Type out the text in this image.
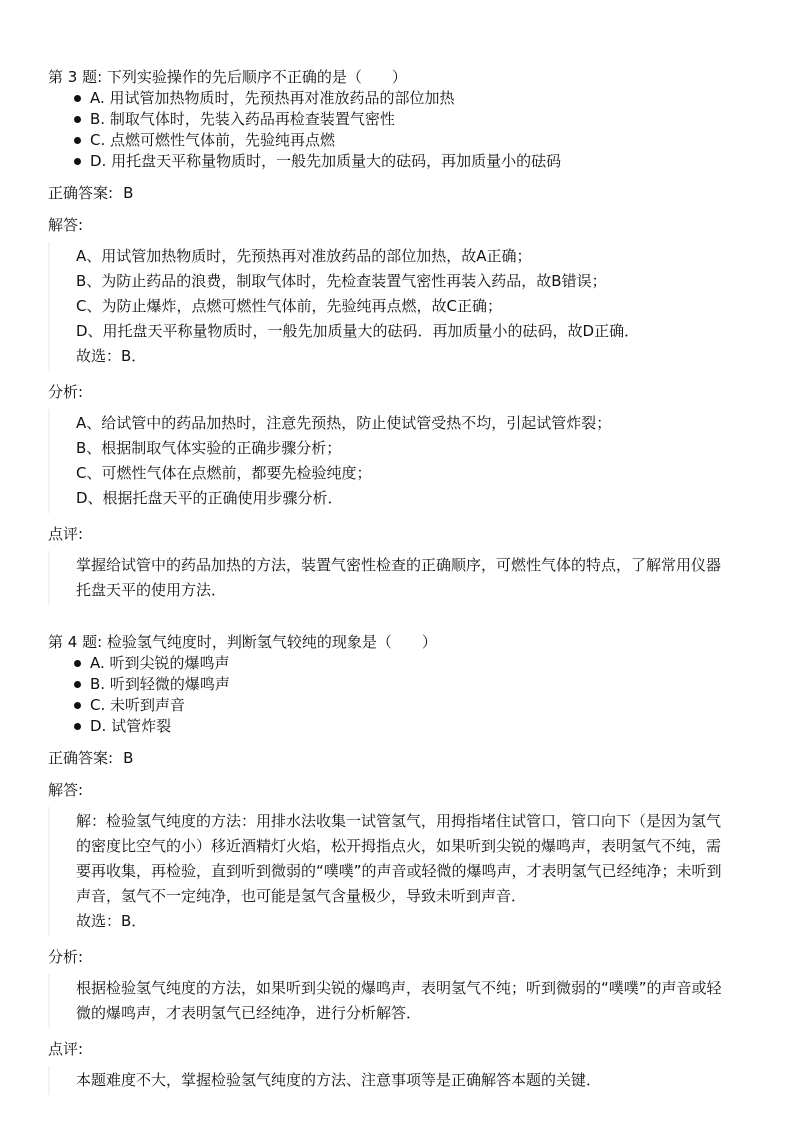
第 3 题: 下列实验操作的先后顺序不正确的是（　　）
A. 用试管加热物质时，先预热再对准放药品的部位加热
B. 制取气体时，先装入药品再检查装置气密性
C. 点燃可燃性气体前，先验纯再点燃
D. 用托盘天平称量物质时，一般先加质量大的砝码，再加质量小的砝码
正确答案: B
解答:
A、用试管加热物质时，先预热再对准放药品的部位加热，故A正确；
B、为防止药品的浪费，制取气体时，先检查装置气密性再装入药品，故B错误；
C、为防止爆炸，点燃可燃性气体前，先验纯再点燃，故C正确；
D、用托盘天平称量物质时，一般先加质量大的砝码．再加质量小的砝码，故D正确．
故选：B．
分析:
A、给试管中的药品加热时，注意先预热，防止使试管受热不均，引起试管炸裂；
B、根据制取气体实验的正确步骤分析；
C、可燃性气体在点燃前，都要先检验纯度；
D、根据托盘天平的正确使用步骤分析．
点评:
掌握给试管中的药品加热的方法，装置气密性检查的正确顺序，可燃性气体的特点，了解常用仪器托盘天平的使用方法．
第 4 题: 检验氢气纯度时，判断氢气较纯的现象是（　　）
A. 听到尖锐的爆鸣声
B. 听到轻微的爆鸣声
C. 未听到声音
D. 试管炸裂
正确答案: B
解答:
解：检验氢气纯度的方法：用排水法收集一试管氢气，用拇指堵住试管口，管口向下（是因为氢气的密度比空气的小）移近酒精灯火焰，松开拇指点火，如果听到尖锐的爆鸣声，表明氢气不纯，需要再收集，再检验，直到听到微弱的“噗噗”的声音或轻微的爆鸣声，才表明氢气已经纯净；未听到声音，氢气不一定纯净，也可能是氢气含量极少，导致未听到声音．
故选：B．
分析:
根据检验氢气纯度的方法，如果听到尖锐的爆鸣声，表明氢气不纯；听到微弱的“噗噗”的声音或轻微的爆鸣声，才表明氢气已经纯净，进行分析解答．
点评:
本题难度不大，掌握检验氢气纯度的方法、注意事项等是正确解答本题的关键．
